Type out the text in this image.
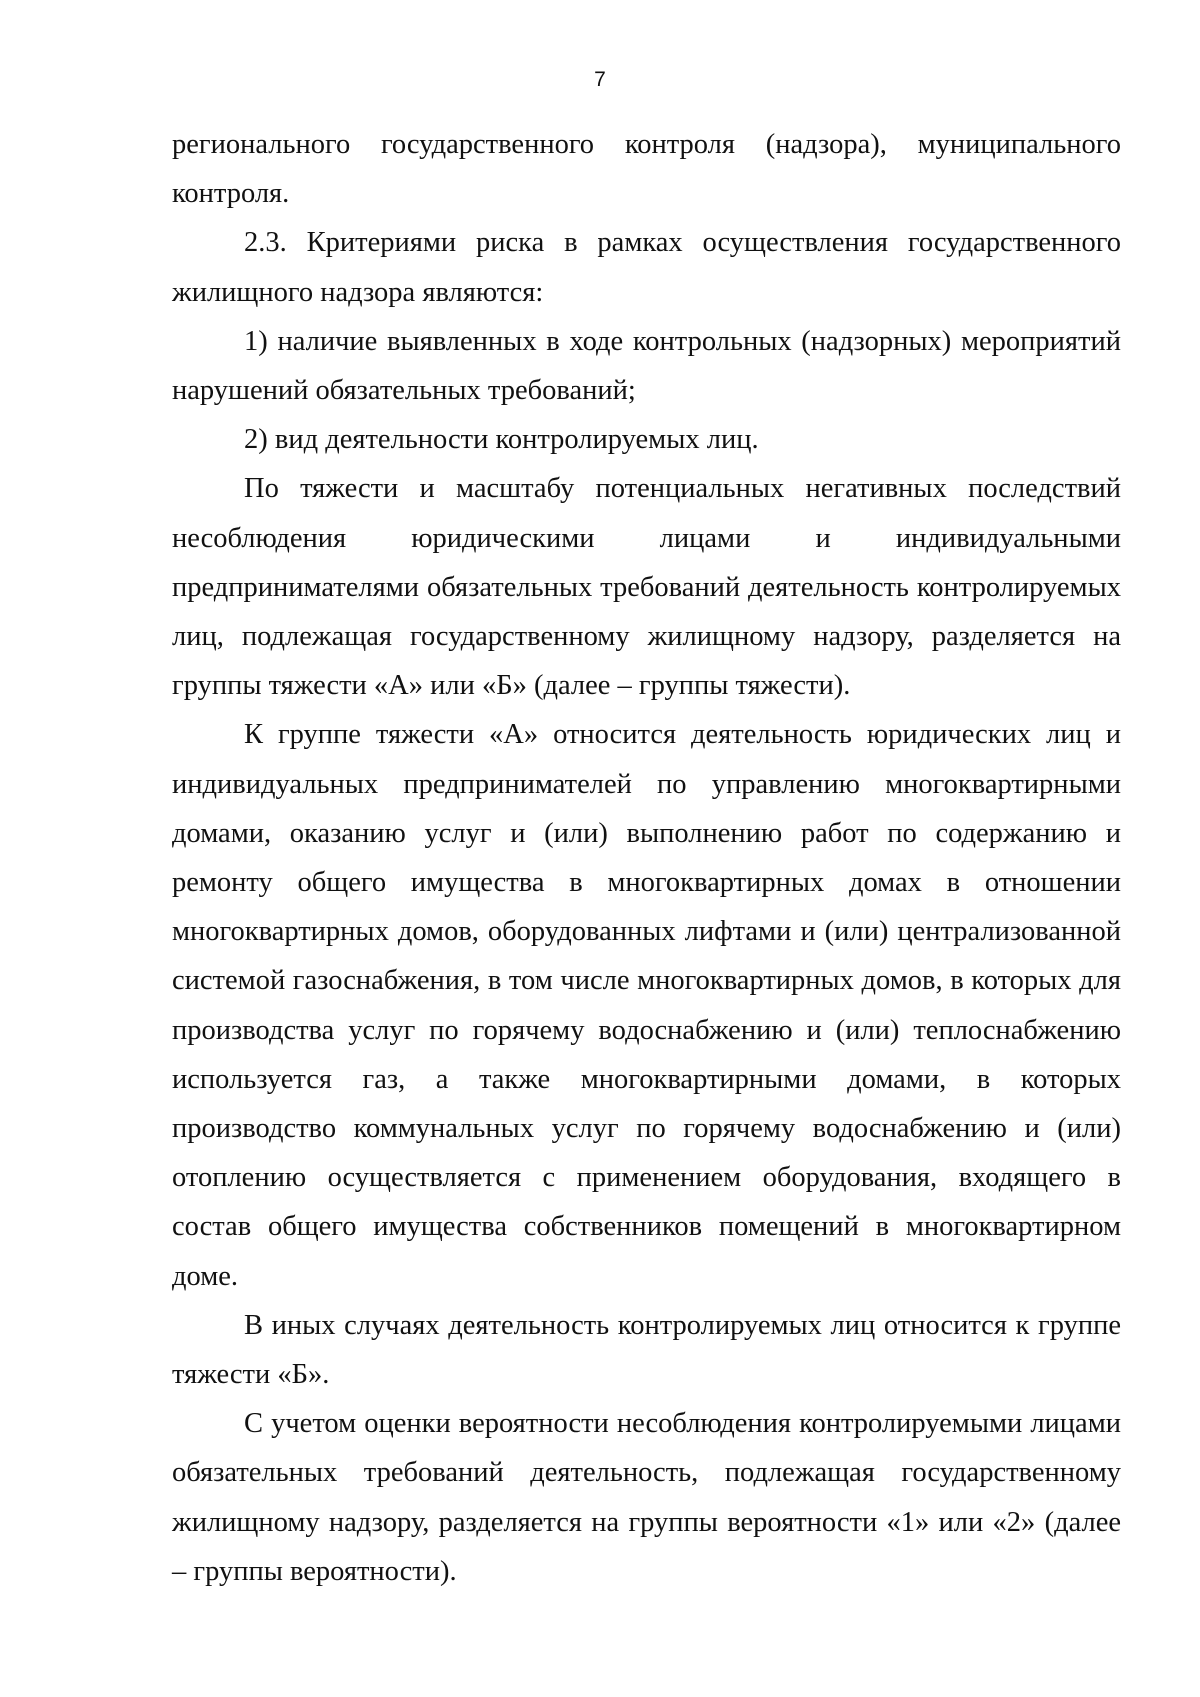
7

регионального государственного контроля (надзора), муниципального контроля.

2.3. Критериями риска в рамках осуществления государственного жилищного надзора являются:

1) наличие выявленных в ходе контрольных (надзорных) мероприятий нарушений обязательных требований;

2) вид деятельности контролируемых лиц.

По тяжести и масштабу потенциальных негативных последствий несоблюдения юридическими лицами и индивидуальными предпринимателями обязательных требований деятельность контролируемых лиц, подлежащая государственному жилищному надзору, разделяется на группы тяжести «А» или «Б» (далее – группы тяжести).

К группе тяжести «А» относится деятельность юридических лиц и индивидуальных предпринимателей по управлению многоквартирными домами, оказанию услуг и (или) выполнению работ по содержанию и ремонту общего имущества в многоквартирных домах в отношении многоквартирных домов, оборудованных лифтами и (или) централизованной системой газоснабжения, в том числе многоквартирных домов, в которых для производства услуг по горячему водоснабжению и (или) теплоснабжению используется газ, а также многоквартирными домами, в которых производство коммунальных услуг по горячему водоснабжению и (или) отоплению осуществляется с применением оборудования, входящего в состав общего имущества собственников помещений в многоквартирном доме.

В иных случаях деятельность контролируемых лиц относится к группе тяжести «Б».

С учетом оценки вероятности несоблюдения контролируемыми лицами обязательных требований деятельность, подлежащая государственному жилищному надзору, разделяется на группы вероятности «1» или «2» (далее – группы вероятности).
